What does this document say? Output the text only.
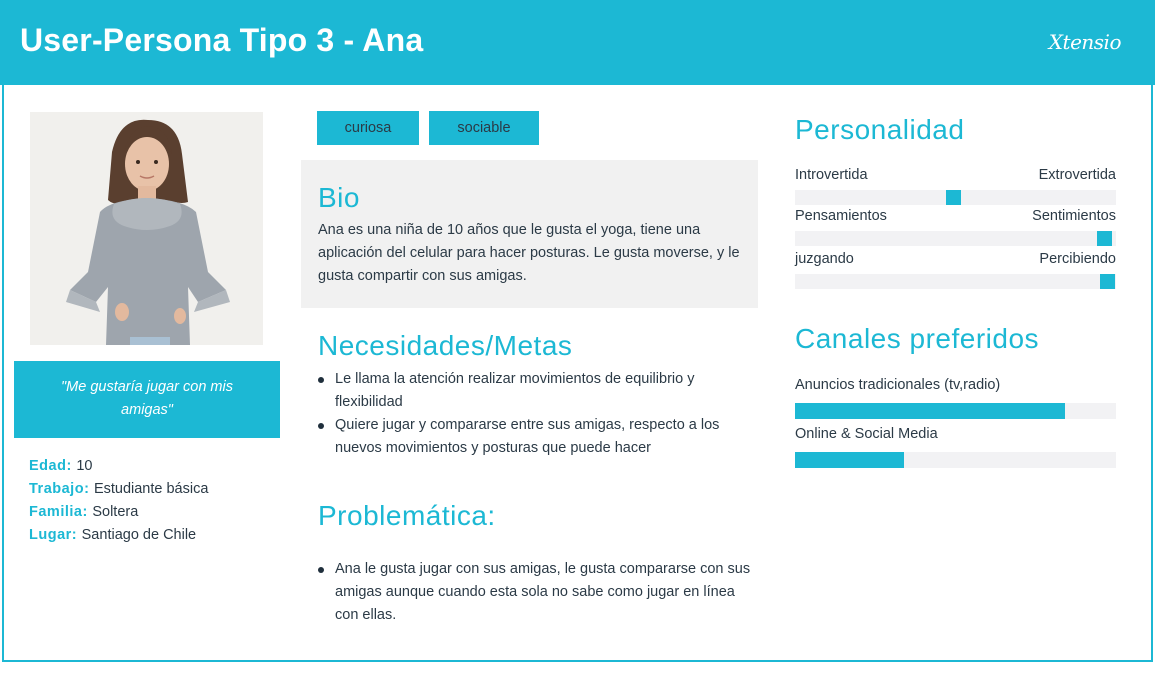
User-Persona Tipo 3 - Ana	Xtensio
"Me gustaría jugar con mis amigas"
Edad: 10
Trabajo: Estudiante básica
Familia: Soltera
Lugar: Santiago de Chile
curiosa	sociable
Bio
Ana es una niña de 10 años que le gusta el yoga, tiene una aplicación del celular para hacer posturas. Le gusta moverse, y le gusta compartir con sus amigas.
Necesidades/Metas
Le llama la atención realizar movimientos de equilibrio y flexibilidad
Quiere jugar y compararse entre sus amigas, respecto a los nuevos movimientos y posturas que puede hacer
Problemática:
Ana le gusta jugar con sus amigas, le gusta compararse con sus amigas aunque cuando esta sola no sabe como jugar en línea con ellas.
Personalidad
Introvertida	Extrovertida
Pensamientos	Sentimientos
juzgando	Percibiendo
Canales preferidos
Anuncios tradicionales (tv,radio)
Online & Social Media
